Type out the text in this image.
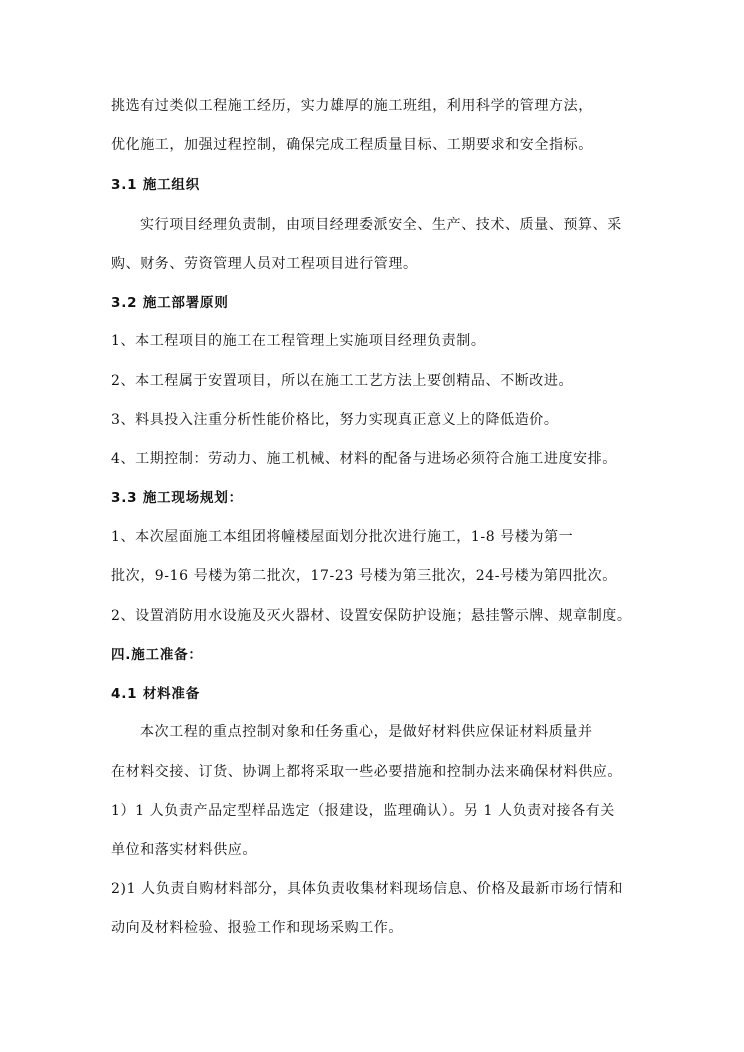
挑选有过类似工程施工经历，实力雄厚的施工班组，利用科学的管理方法，
优化施工，加强过程控制，确保完成工程质量目标、工期要求和安全指标。
3.1 施工组织
实行项目经理负责制，由项目经理委派安全、生产、技术、质量、预算、采
购、财务、劳资管理人员对工程项目进行管理。
3.2 施工部署原则
1、本工程项目的施工在工程管理上实施项目经理负责制。
2、本工程属于安置项目，所以在施工工艺方法上要创精品、不断改进。
3、料具投入注重分析性能价格比，努力实现真正意义上的降低造价。
4、工期控制：劳动力、施工机械、材料的配备与进场必须符合施工进度安排。
3.3 施工现场规划：
1、本次屋面施工本组团将幢楼屋面划分批次进行施工，1-8 号楼为第一
批次，9-16 号楼为第二批次，17-23 号楼为第三批次，24-号楼为第四批次。
2、设置消防用水设施及灭火器材、设置安保防护设施；悬挂警示牌、规章制度。
四.施工准备：
4.1 材料准备
本次工程的重点控制对象和任务重心，是做好材料供应保证材料质量并
在材料交接、订货、协调上都将采取一些必要措施和控制办法来确保材料供应。
1）1 人负责产品定型样品选定（报建设，监理确认）。另 1 人负责对接各有关
单位和落实材料供应。
2)1 人负责自购材料部分，具体负责收集材料现场信息、价格及最新市场行情和
动向及材料检验、报验工作和现场采购工作。
